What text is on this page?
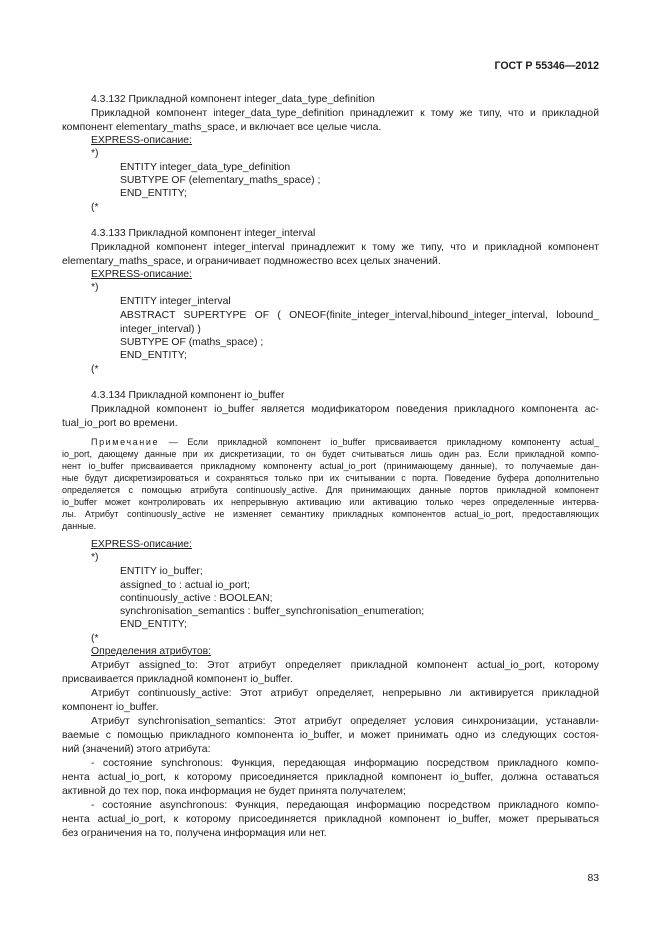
ГОСТ Р 55346—2012
4.3.132 Прикладной компонент integer_data_type_definition
Прикладной компонент integer_data_type_definition принадлежит к тому же типу, что и прикладной
компонент elementary_maths_space, и включает все целые числа.
EXPRESS-описание:
*)
ENTITY integer_data_type_definition
SUBTYPE OF (elementary_maths_space) ;
END_ENTITY;
(*
4.3.133 Прикладной компонент integer_interval
Прикладной компонент integer_interval принадлежит к тому же типу, что и прикладной компонент
elementary_maths_space, и ограничивает подмножество всех целых значений.
EXPRESS-описание:
*)
ENTITY integer_interval
ABSTRACT SUPERTYPE OF ( ONEOF(finite_integer_interval,hibound_integer_interval, lobound_
integer_interval) )
SUBTYPE OF (maths_space) ;
END_ENTITY;
(*
4.3.134 Прикладной компонент io_buffer
Прикладной компонент io_buffer является модификатором поведения прикладного компонента ac-
tual_io_port во времени.
Примечание — Если прикладной компонент io_buffer присваивается прикладному компоненту actual_
io_port, дающему данные при их дискретизации, то он будет считываться лишь один раз. Если прикладной компо-
нент io_buffer присваивается прикладному компоненту actual_io_port (принимающему данные), то получаемые дан-
ные будут дискретизироваться и сохраняться только при их считывании с порта. Поведение буфера дополнительно
определяется с помощью атрибута continuously_active. Для принимающих данные портов прикладной компонент
io_buffer может контролировать их непрерывную активацию или активацию только через определенные интерва-
лы. Атрибут continuously_active не изменяет семантику прикладных компонентов actual_io_port, предоставляющих
данные.
EXPRESS-описание:
*)
ENTITY io_buffer;
assigned_to : actual io_port;
continuously_active : BOOLEAN;
synchronisation_semantics : buffer_synchronisation_enumeration;
END_ENTITY;
(*
Определения атрибутов:
Атрибут assigned_to: Этот атрибут определяет прикладной компонент actual_io_port, которому
присваивается прикладной компонент io_buffer.
Атрибут continuously_active: Этот атрибут определяет, непрерывно ли активируется прикладной
компонент io_buffer.
Атрибут synchronisation_semantics: Этот атрибут определяет условия синхронизации, устанавли-
ваемые с помощью прикладного компонента io_buffer, и может принимать одно из следующих состоя-
ний (значений) этого атрибута:
- состояние synchronous: Функция, передающая информацию посредством прикладного компо-
нента actual_io_port, к которому присоединяется прикладной компонент io_buffer, должна оставаться
активной до тех пор, пока информация не будет принята получателем;
- состояние asynchronous: Функция, передающая информацию посредством прикладного компо-
нента actual_io_port, к которому присоединяется прикладной компонент io_buffer, может прерываться
без ограничения на то, получена информация или нет.
83
